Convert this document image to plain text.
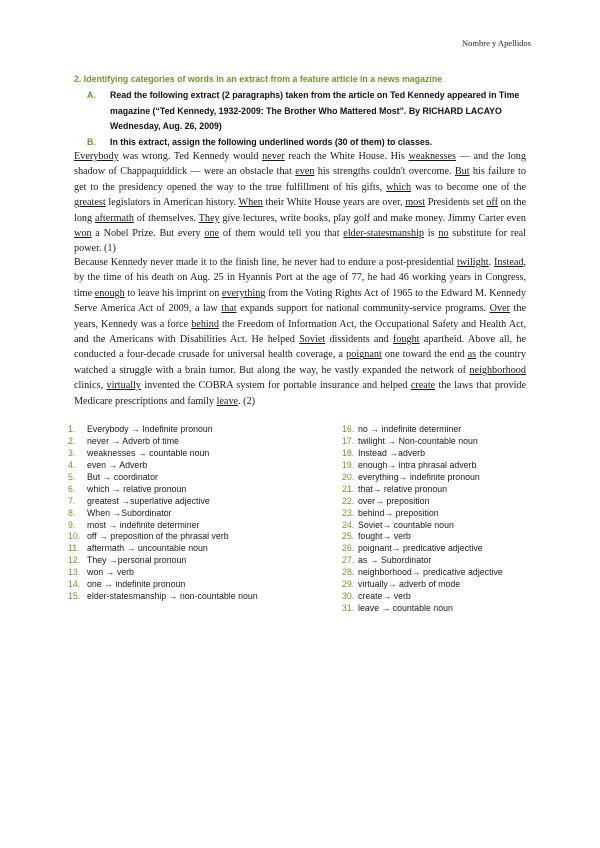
Nombre y Apellidos
2. Identifying categories of words in an extract from a feature article in a news magazine
A.	Read the following extract (2 paragraphs) taken from the article on Ted Kennedy appeared in Time magazine (“Ted Kennedy, 1932-2009: The Brother Who Mattered Most”. By RICHARD LACAYO Wednesday, Aug. 26, 2009)
B.	In this extract, assign the following underlined words (30 of them) to classes.
Everybody was wrong. Ted Kennedy would never reach the White House. His weaknesses — and the long shadow of Chappaquiddick — were an obstacle that even his strengths couldn't overcome. But his failure to get to the presidency opened the way to the true fulfillment of his gifts, which was to become one of the greatest legislators in American history. When their White House years are over, most Presidents set off on the long aftermath of themselves. They give lectures, write books, play golf and make money. Jimmy Carter even won a Nobel Prize. But every one of them would tell you that elder-statesmanship is no substitute for real power. (1)
Because Kennedy never made it to the finish line, he never had to endure a post-presidential twilight. Instead, by the time of his death on Aug. 25 in Hyannis Port at the age of 77, he had 46 working years in Congress, time enough to leave his imprint on everything from the Voting Rights Act of 1965 to the Edward M. Kennedy Serve America Act of 2009, a law that expands support for national community-service programs. Over the years, Kennedy was a force behind the Freedom of Information Act, the Occupational Safety and Health Act, and the Americans with Disabilities Act. He helped Soviet dissidents and fought apartheid. Above all, he conducted a four-decade crusade for universal health coverage, a poignant one toward the end as the country watched a struggle with a brain tumor. But along the way, he vastly expanded the network of neighborhood clinics, virtually invented the COBRA system for portable insurance and helped create the laws that provide Medicare prescriptions and family leave. (2)
1. Everybody → Indefinite pronoun
2. never → Adverb of time
3. weaknesses → countable noun
4. even → Adverb
5. But → coordinator
6. which → relative pronoun
7. greatest →superlative adjective
8. When →Subordinator
9. most → indefinite determiner
10. off → preposition of the phrasal verb
11. aftermath → uncountable noun
12. They →personal pronoun
13. won → verb
14. one → indefinite pronoun
15. elder-statesmanship → non-countable noun
16. no → indefinite determiner
17. twilight → Non-countable noun
18. Instead →adverb
19. enough→ intra phrasal adverb
20. everything→ indefinite pronoun
21. that→ relative pronoun
22. over→ preposition
23. behind→ preposition
24. Soviet→ countable noun
25. fought→ verb
26. poignant→ predicative adjective
27. as → Subordinator
28. neighborhood→ predicative adjective
29. virtually→ adverb of mode
30. create→ verb
31. leave → countable noun
